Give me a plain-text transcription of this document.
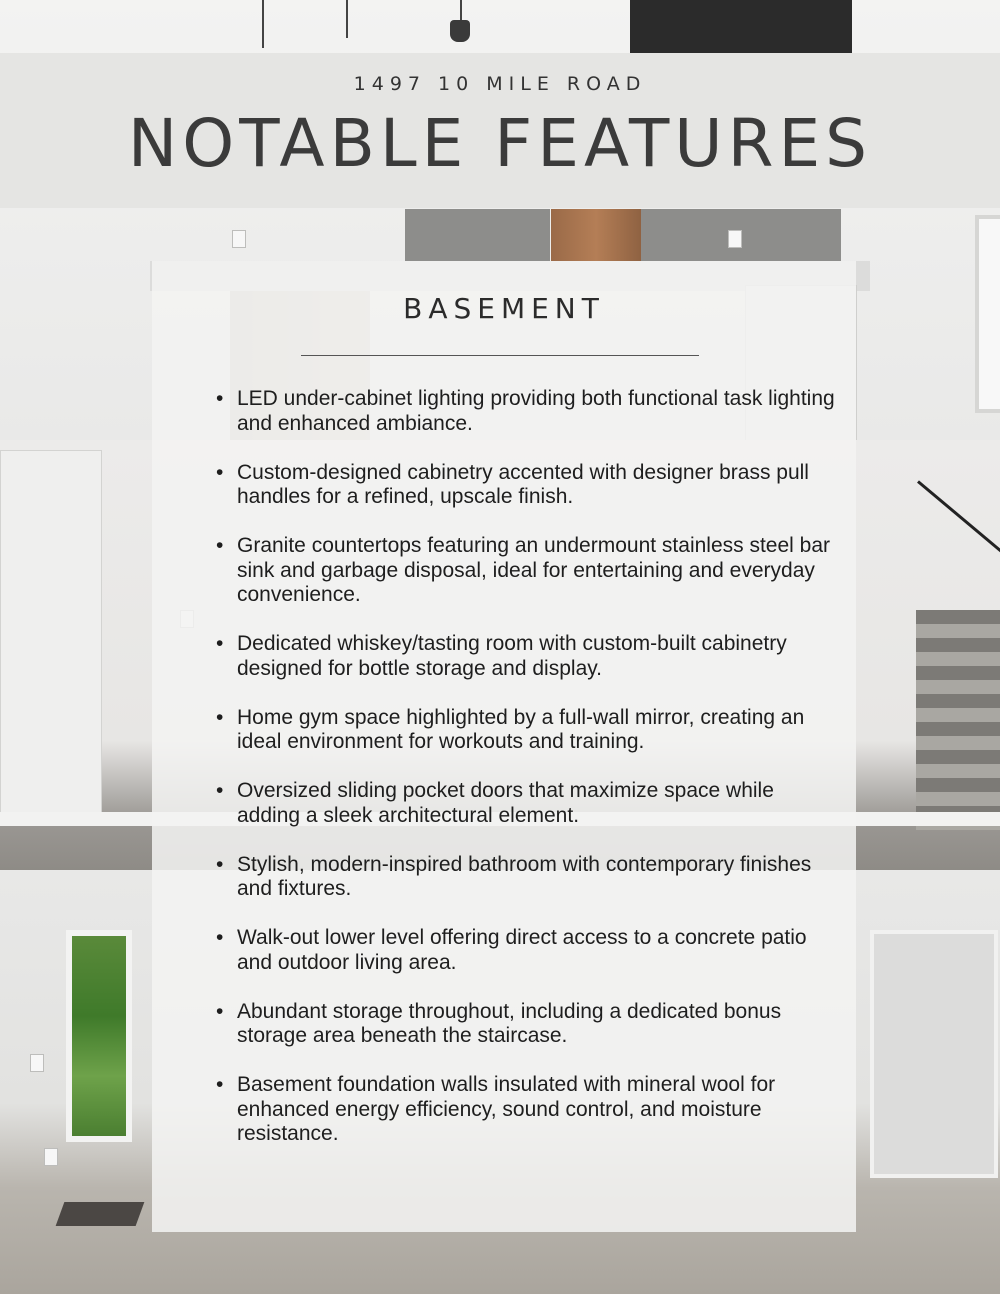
1497 10 MILE ROAD
NOTABLE FEATURES
BASEMENT
• LED under-cabinet lighting providing both functional task lighting and enhanced ambiance.
• Custom-designed cabinetry accented with designer brass pull handles for a refined, upscale finish.
• Granite countertops featuring an undermount stainless steel bar sink and garbage disposal, ideal for entertaining and everyday convenience.
• Dedicated whiskey/tasting room with custom-built cabinetry designed for bottle storage and display.
• Home gym space highlighted by a full-wall mirror, creating an ideal environment for workouts and training.
• Oversized sliding pocket doors that maximize space while adding a sleek architectural element.
• Stylish, modern-inspired bathroom with contemporary finishes and fixtures.
• Walk-out lower level offering direct access to a concrete patio and outdoor living area.
• Abundant storage throughout, including a dedicated bonus storage area beneath the staircase.
• Basement foundation walls insulated with mineral wool for enhanced energy efficiency, sound control, and moisture resistance.
